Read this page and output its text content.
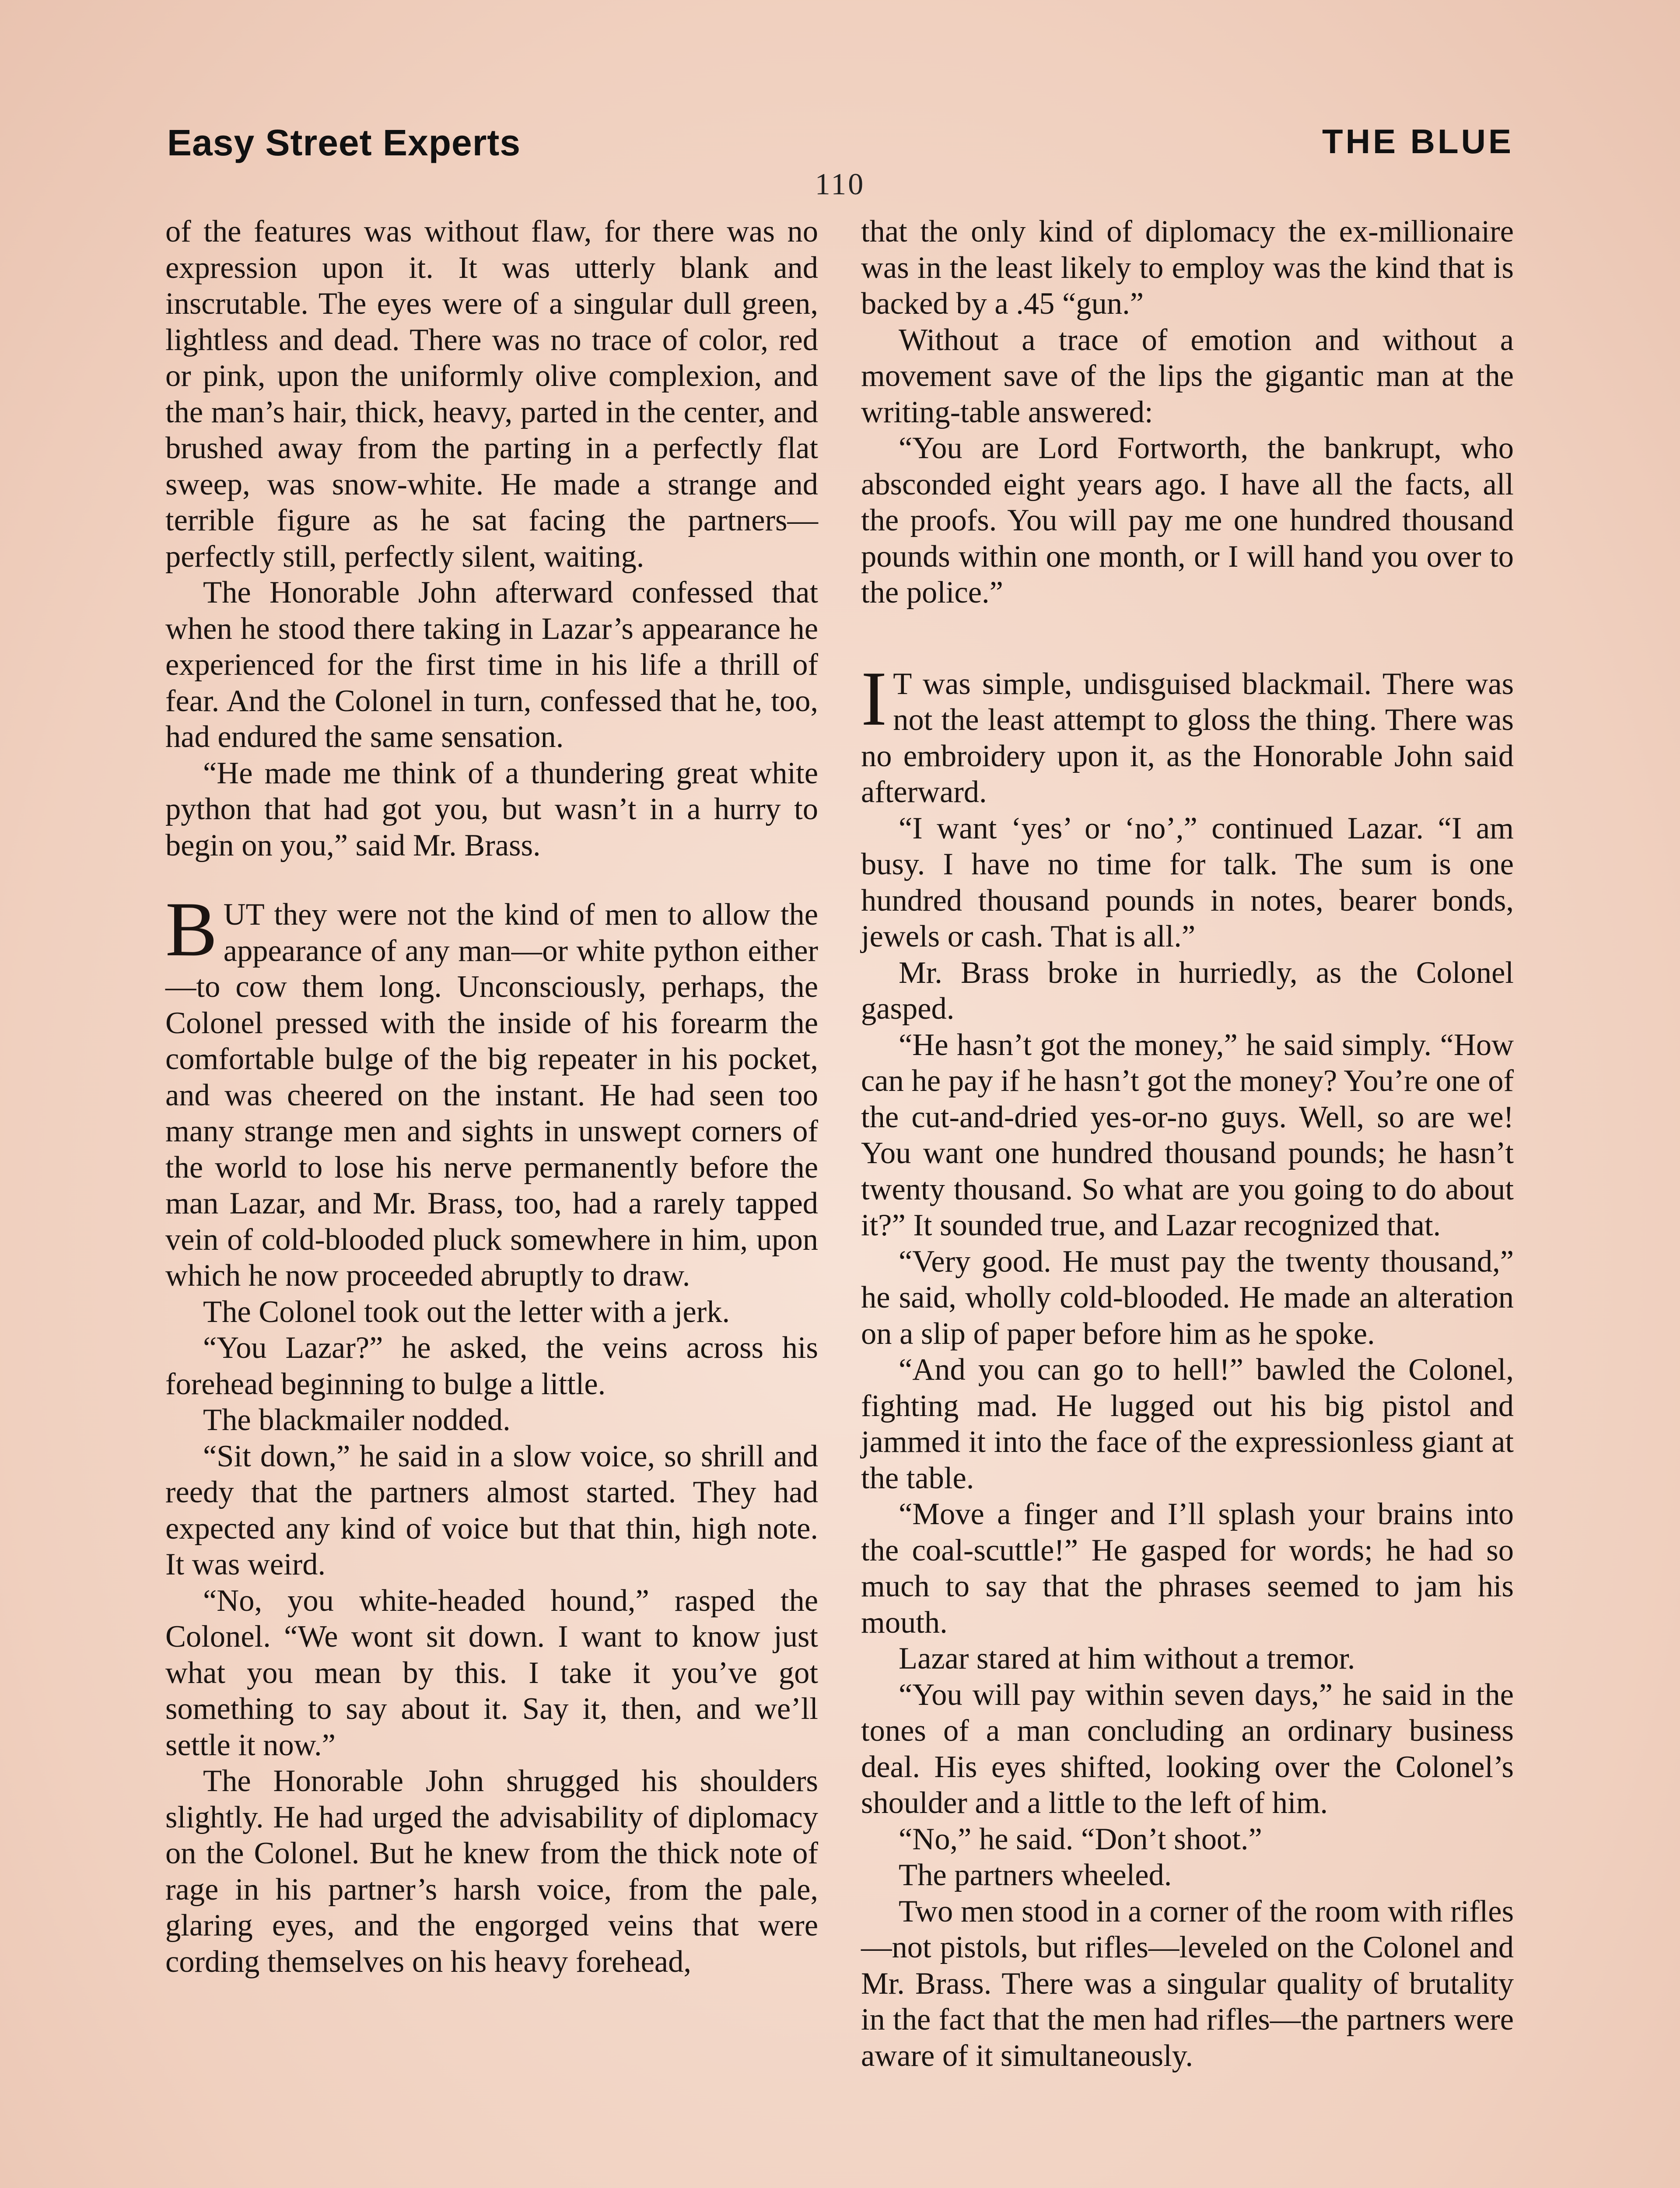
Easy Street Experts	THE BLUE
110

of the features was without flaw, for there was no expression upon it. It was utterly blank and inscrutable. The eyes were of a singular dull green, lightless and dead. There was no trace of color, red or pink, upon the uniformly olive complexion, and the man’s hair, thick, heavy, parted in the center, and brushed away from the parting in a perfectly flat sweep, was snow-white. He made a strange and terrible figure as he sat facing the partners—perfectly still, perfectly silent, waiting.

The Honorable John afterward confessed that when he stood there taking in Lazar’s appearance he experienced for the first time in his life a thrill of fear. And the Colonel in turn, confessed that he, too, had endured the same sensation.

“He made me think of a thundering great white python that had got you, but wasn’t in a hurry to begin on you,” said Mr. Brass.

BUT they were not the kind of men to allow the appearance of any man—or white python either—to cow them long. Unconsciously, perhaps, the Colonel pressed with the inside of his forearm the comfortable bulge of the big repeater in his pocket, and was cheered on the instant. He had seen too many strange men and sights in unswept corners of the world to lose his nerve permanently before the man Lazar, and Mr. Brass, too, had a rarely tapped vein of cold-blooded pluck somewhere in him, upon which he now proceeded abruptly to draw.

The Colonel took out the letter with a jerk.

“You Lazar?” he asked, the veins across his forehead beginning to bulge a little.

The blackmailer nodded.

“Sit down,” he said in a slow voice, so shrill and reedy that the partners almost started. They had expected any kind of voice but that thin, high note. It was weird.

“No, you white-headed hound,” rasped the Colonel. “We wont sit down. I want to know just what you mean by this. I take it you’ve got something to say about it. Say it, then, and we’ll settle it now.”

The Honorable John shrugged his shoulders slightly. He had urged the advisability of diplomacy on the Colonel. But he knew from the thick note of rage in his partner’s harsh voice, from the pale, glaring eyes, and the engorged veins that were cording themselves on his heavy forehead,

that the only kind of diplomacy the ex-millionaire was in the least likely to employ was the kind that is backed by a .45 “gun.”

Without a trace of emotion and without a movement save of the lips the gigantic man at the writing-table answered:

“You are Lord Fortworth, the bankrupt, who absconded eight years ago. I have all the facts, all the proofs. You will pay me one hundred thousand pounds within one month, or I will hand you over to the police.”

I T was simple, undisguised blackmail. There was not the least attempt to gloss the thing. There was no embroidery upon it, as the Honorable John said afterward.

“I want ‘yes’ or ‘no’,” continued Lazar. “I am busy. I have no time for talk. The sum is one hundred thousand pounds in notes, bearer bonds, jewels or cash. That is all.”

Mr. Brass broke in hurriedly, as the Colonel gasped.

“He hasn’t got the money,” he said simply. “How can he pay if he hasn’t got the money? You’re one of the cut-and-dried yes-or-no guys. Well, so are we! You want one hundred thousand pounds; he hasn’t twenty thousand. So what are you going to do about it?” It sounded true, and Lazar recognized that.

“Very good. He must pay the twenty thousand,” he said, wholly cold-blooded. He made an alteration on a slip of paper before him as he spoke.

“And you can go to hell!” bawled the Colonel, fighting mad. He lugged out his big pistol and jammed it into the face of the expressionless giant at the table.

“Move a finger and I’ll splash your brains into the coal-scuttle!” He gasped for words; he had so much to say that the phrases seemed to jam his mouth.

Lazar stared at him without a tremor.

“You will pay within seven days,” he said in the tones of a man concluding an ordinary business deal. His eyes shifted, looking over the Colonel’s shoulder and a little to the left of him.

“No,” he said. “Don’t shoot.”

The partners wheeled.

Two men stood in a corner of the room with rifles—not pistols, but rifles—leveled on the Colonel and Mr. Brass. There was a singular quality of brutality in the fact that the men had rifles—the partners were aware of it simultaneously.
